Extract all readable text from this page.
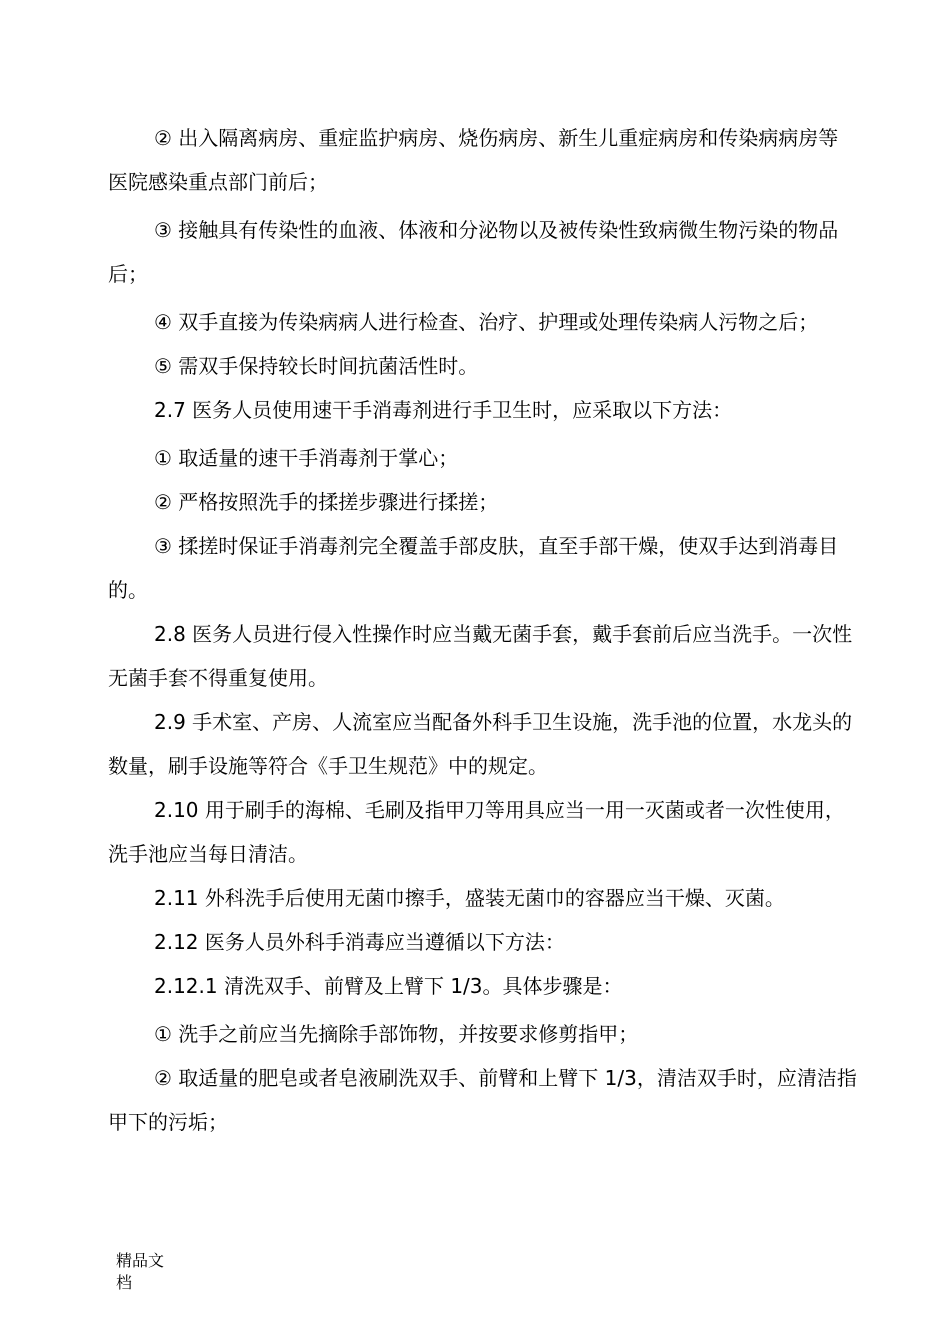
② 出入隔离病房、重症监护病房、烧伤病房、新生儿重症病房和传染病病房等医院感染重点部门前后；

③ 接触具有传染性的血液、体液和分泌物以及被传染性致病微生物污染的物品后；

④ 双手直接为传染病病人进行检查、治疗、护理或处理传染病人污物之后；

⑤ 需双手保持较长时间抗菌活性时。

2.7 医务人员使用速干手消毒剂进行手卫生时，应采取以下方法：

① 取适量的速干手消毒剂于掌心；

② 严格按照洗手的揉搓步骤进行揉搓；

③ 揉搓时保证手消毒剂完全覆盖手部皮肤，直至手部干燥，使双手达到消毒目的。

2.8 医务人员进行侵入性操作时应当戴无菌手套，戴手套前后应当洗手。一次性无菌手套不得重复使用。

2.9 手术室、产房、人流室应当配备外科手卫生设施，洗手池的位置，水龙头的数量，刷手设施等符合《手卫生规范》中的规定。

2.10 用于刷手的海棉、毛刷及指甲刀等用具应当一用一灭菌或者一次性使用，洗手池应当每日清洁。

2.11 外科洗手后使用无菌巾擦手，盛装无菌巾的容器应当干燥、灭菌。

2.12 医务人员外科手消毒应当遵循以下方法：

2.12.1 清洗双手、前臂及上臂下 1/3。具体步骤是：

① 洗手之前应当先摘除手部饰物，并按要求修剪指甲；

② 取适量的肥皂或者皂液刷洗双手、前臂和上臂下 1/3，清洁双手时，应清洁指甲下的污垢；

精品文档
